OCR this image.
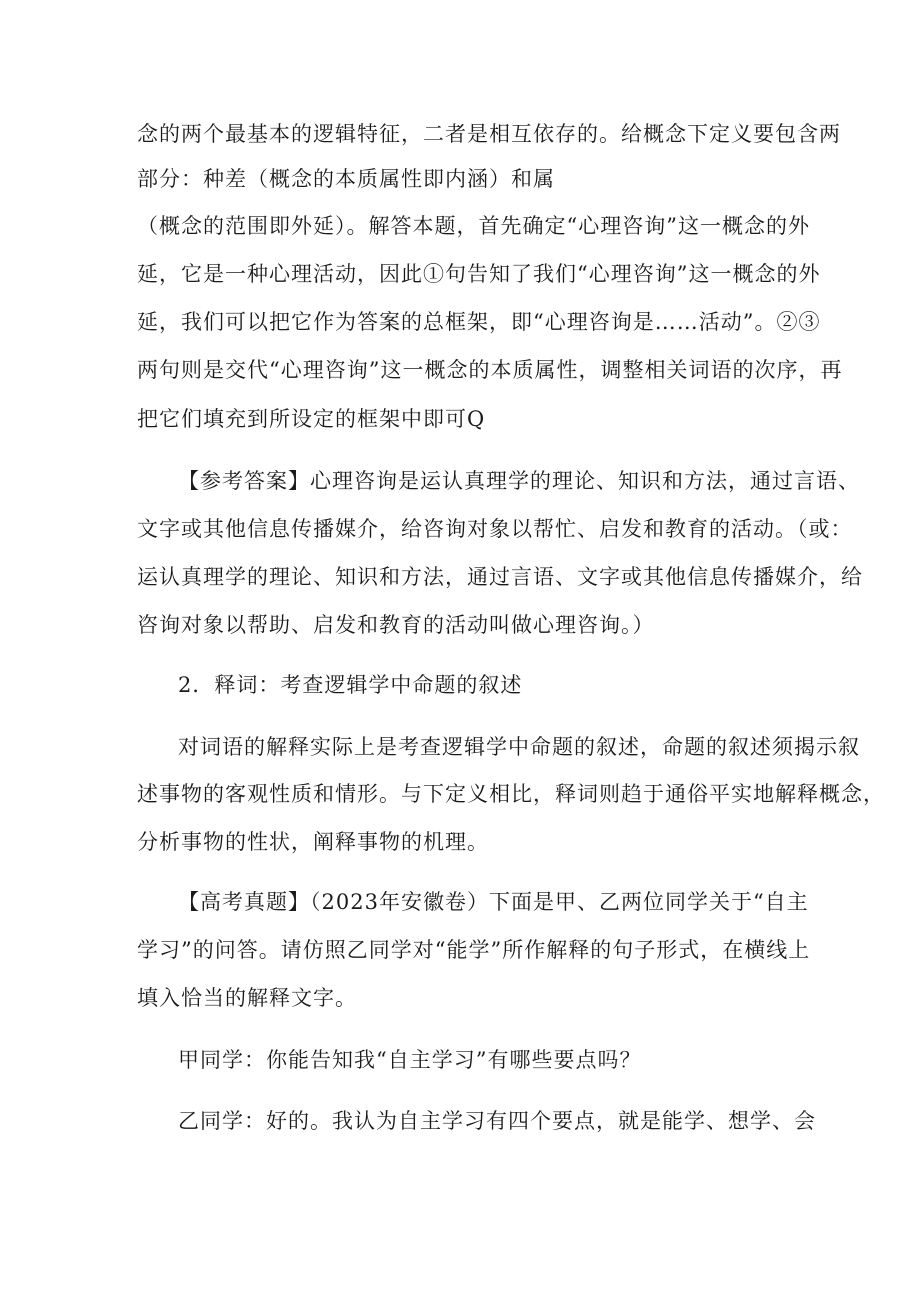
念的两个最基本的逻辑特征，二者是相互依存的。给概念下定义要包含两
部分：种差（概念的本质属性即内涵）和属
（概念的范围即外延）。解答本题，首先确定“心理咨询”这一概念的外
延，它是一种心理活动，因此①句告知了我们“心理咨询”这一概念的外
延，我们可以把它作为答案的总框架，即“心理咨询是……活动”。②③
两句则是交代“心理咨询”这一概念的本质属性，调整相关词语的次序，再
把它们填充到所设定的框架中即可Q
【参考答案】心理咨询是运认真理学的理论、知识和方法，通过言语、
文字或其他信息传播媒介，给咨询对象以帮忙、启发和教育的活动。（或：
运认真理学的理论、知识和方法，通过言语、文字或其他信息传播媒介，给
咨询对象以帮助、启发和教育的活动叫做心理咨询。）
2．释词：考查逻辑学中命题的叙述
对词语的解释实际上是考查逻辑学中命题的叙述，命题的叙述须揭示叙
述事物的客观性质和情形。与下定义相比，释词则趋于通俗平实地解释概念，
分析事物的性状，阐释事物的机理。
【高考真题】（2023年安徽卷）下面是甲、乙两位同学关于“自主
学习”的问答。请仿照乙同学对“能学”所作解释的句子形式，在横线上
填入恰当的解释文字。
甲同学：你能告知我“自主学习”有哪些要点吗？
乙同学：好的。我认为自主学习有四个要点，就是能学、想学、会
